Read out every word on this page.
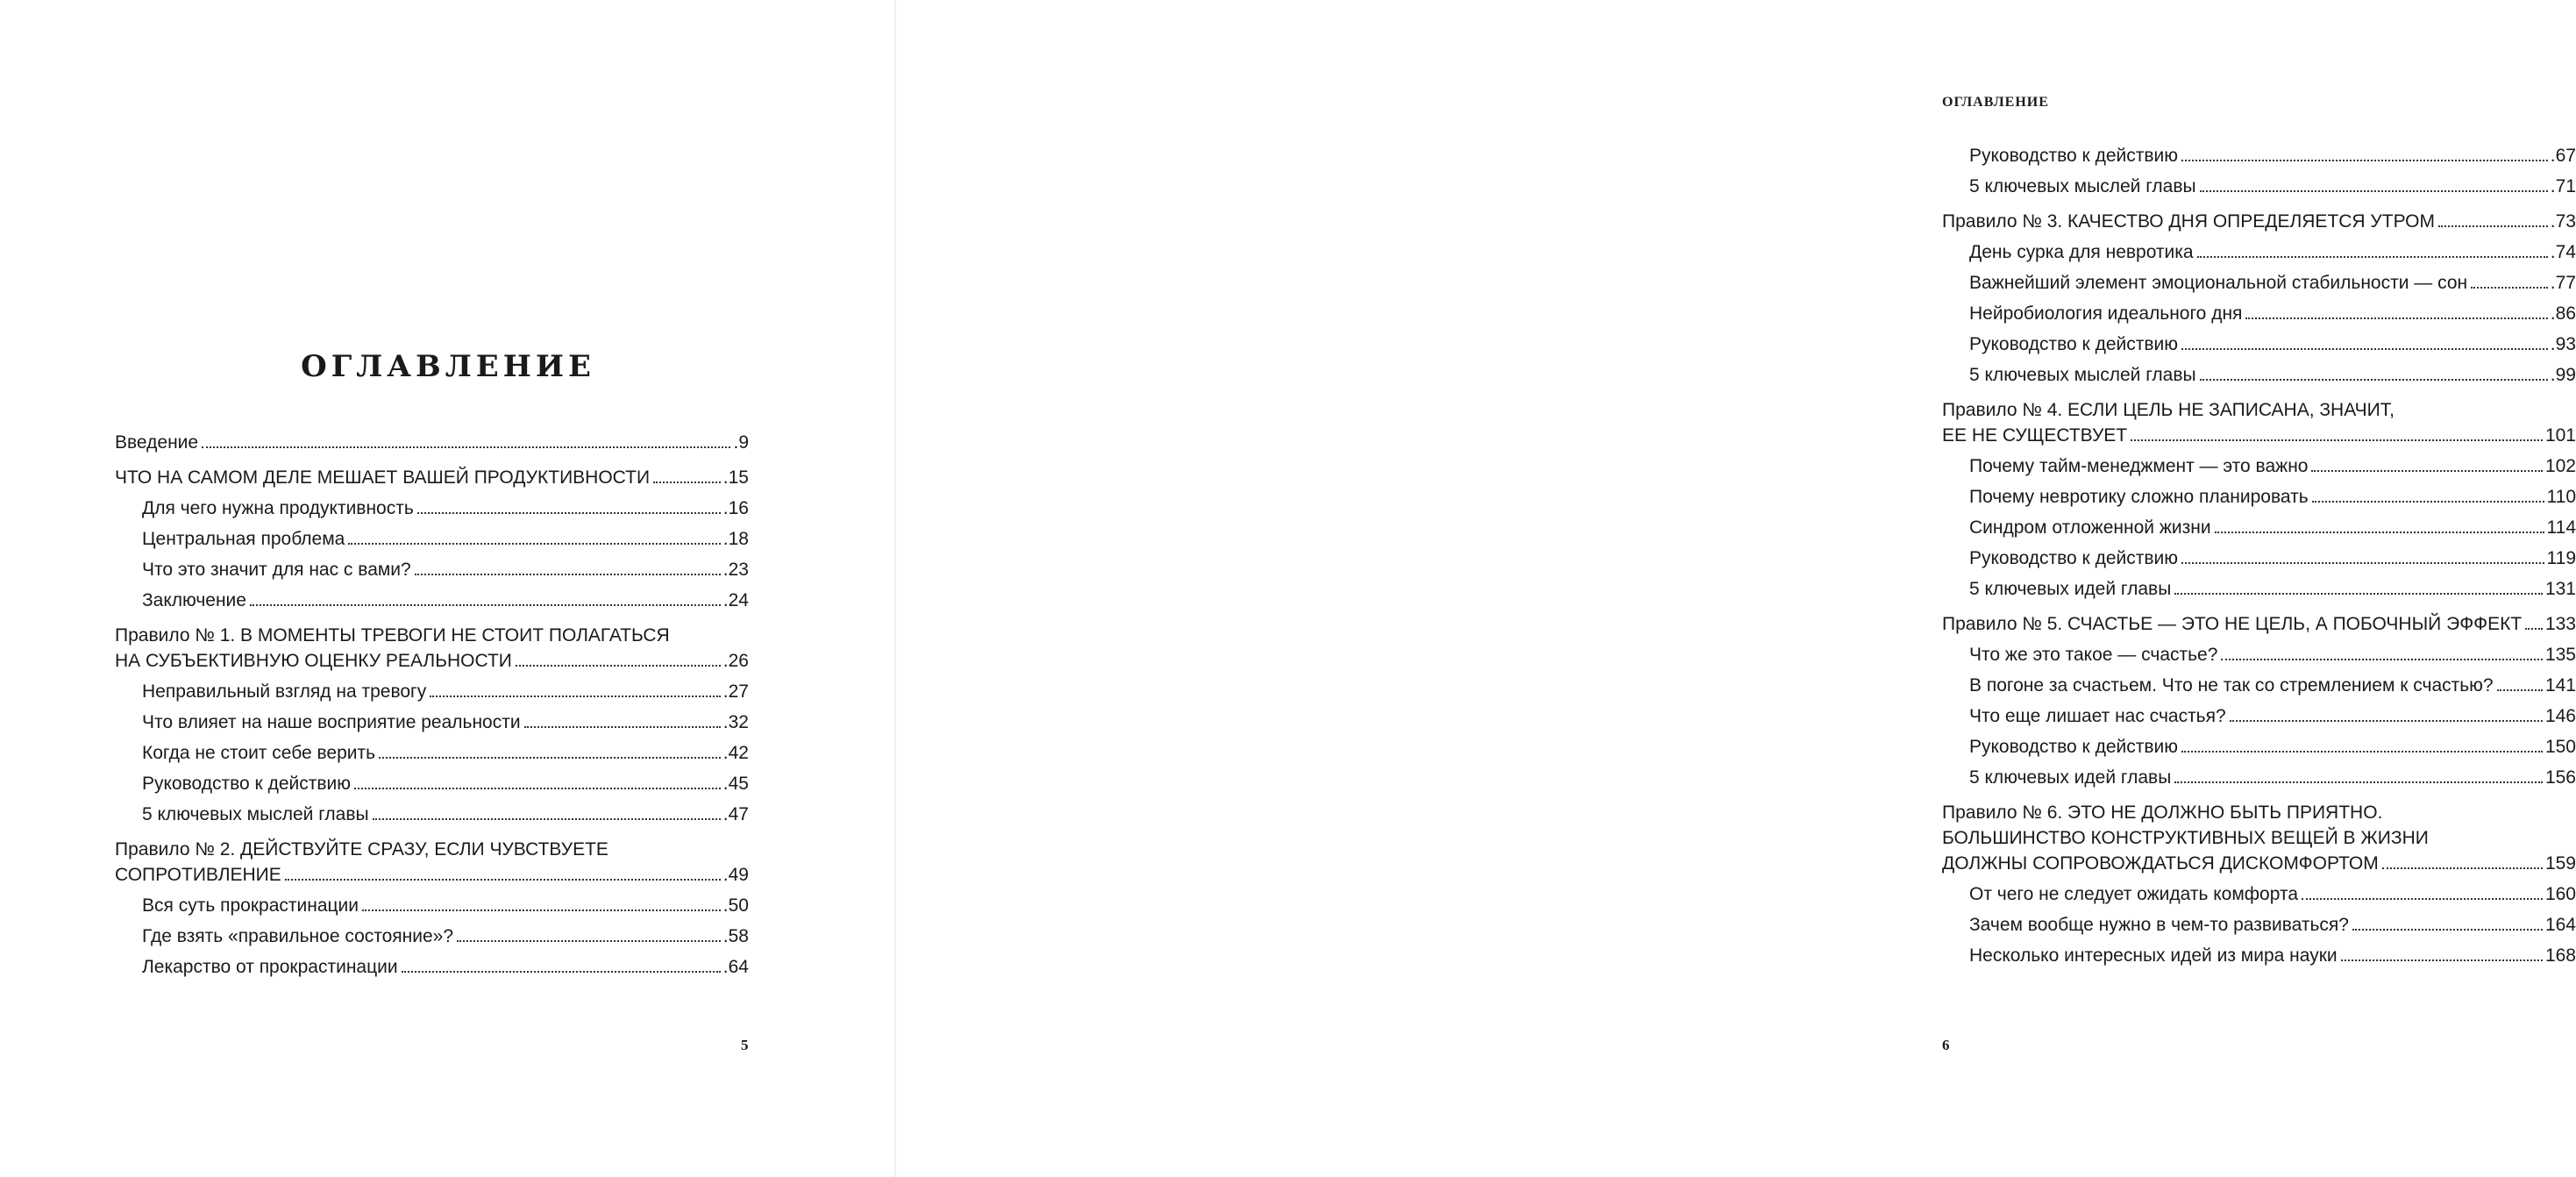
ОГЛАВЛЕНИЕ
Введение	.9
ЧТО НА САМОМ ДЕЛЕ МЕШАЕТ ВАШЕЙ ПРОДУКТИВНОСТИ	.15
Для чего нужна продуктивность	.16
Центральная проблема	.18
Что это значит для нас с вами?	.23
Заключение	.24
Правило № 1. В МОМЕНТЫ ТРЕВОГИ НЕ СТОИТ ПОЛАГАТЬСЯ
НА СУБЪЕКТИВНУЮ ОЦЕНКУ РЕАЛЬНОСТИ	.26
Неправильный взгляд на тревогу	.27
Что влияет на наше восприятие реальности	.32
Когда не стоит себе верить	.42
Руководство к действию	.45
5 ключевых мыслей главы	.47
Правило № 2. ДЕЙСТВУЙТЕ СРАЗУ, ЕСЛИ ЧУВСТВУЕТЕ
СОПРОТИВЛЕНИЕ	.49
Вся суть прокрастинации	.50
Где взять «правильное состояние»?	.58
Лекарство от прокрастинации	.64
5
ОГЛАВЛЕНИЕ
Руководство к действию	.67
5 ключевых мыслей главы	.71
Правило № 3. КАЧЕСТВО ДНЯ ОПРЕДЕЛЯЕТСЯ УТРОМ	.73
День сурка для невротика	.74
Важнейший элемент эмоциональной стабильности — сон	.77
Нейробиология идеального дня	.86
Руководство к действию	.93
5 ключевых мыслей главы	.99
Правило № 4. ЕСЛИ ЦЕЛЬ НЕ ЗАПИСАНА, ЗНАЧИТ,
ЕЕ НЕ СУЩЕСТВУЕТ	101
Почему тайм-менеджмент — это важно	102
Почему невротику сложно планировать	110
Синдром отложенной жизни	114
Руководство к действию	119
5 ключевых идей главы	131
Правило № 5. СЧАСТЬЕ — ЭТО НЕ ЦЕЛЬ, А ПОБОЧНЫЙ ЭФФЕКТ 133
Что же это такое — счастье?	135
В погоне за счастьем. Что не так со стремлением к счастью?	141
Что еще лишает нас счастья?	146
Руководство к действию	150
5 ключевых идей главы	156
Правило № 6. ЭТО НЕ ДОЛЖНО БЫТЬ ПРИЯТНО.
БОЛЬШИНСТВО КОНСТРУКТИВНЫХ ВЕЩЕЙ В ЖИЗНИ
ДОЛЖНЫ СОПРОВОЖДАТЬСЯ ДИСКОМФОРТОМ	159
От чего не следует ожидать комфорта	160
Зачем вообще нужно в чем-то развиваться?	164
Несколько интересных идей из мира науки	168
6
